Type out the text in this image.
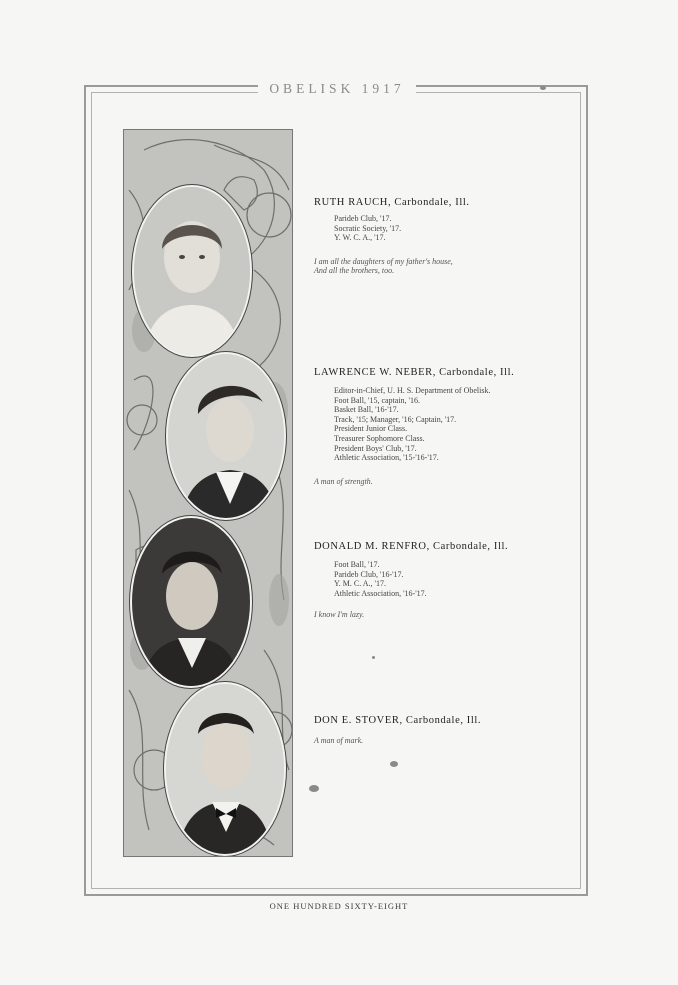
OBELISK 1917

RUTH RAUCH, Carbondale, Ill.

Parideb Club, '17.
Socratic Society, '17.
Y. W. C. A., '17.
I am all the daughters of my father's house,
And all the brothers, too.

LAWRENCE W. NEBER, Carbondale, Ill.

Editor-in-Chief, U. H. S. Department of Obelisk.
Foot Ball, '15, captain, '16.
Basket Ball, '16-'17.
Track, '15; Manager, '16; Captain, '17.
President Junior Class.
Treasurer Sophomore Class.
President Boys' Club, '17.
Athletic Association, '15-'16-'17.
A man of strength.

DONALD M. RENFRO, Carbondale, Ill.

Foot Ball, '17.
Parideb Club, '16-'17.
Y. M. C. A., '17.
Athletic Association, '16-'17.
I know I'm lazy.

DON E. STOVER, Carbondale, Ill.

A man of mark.
ONE HUNDRED SIXTY-EIGHT
